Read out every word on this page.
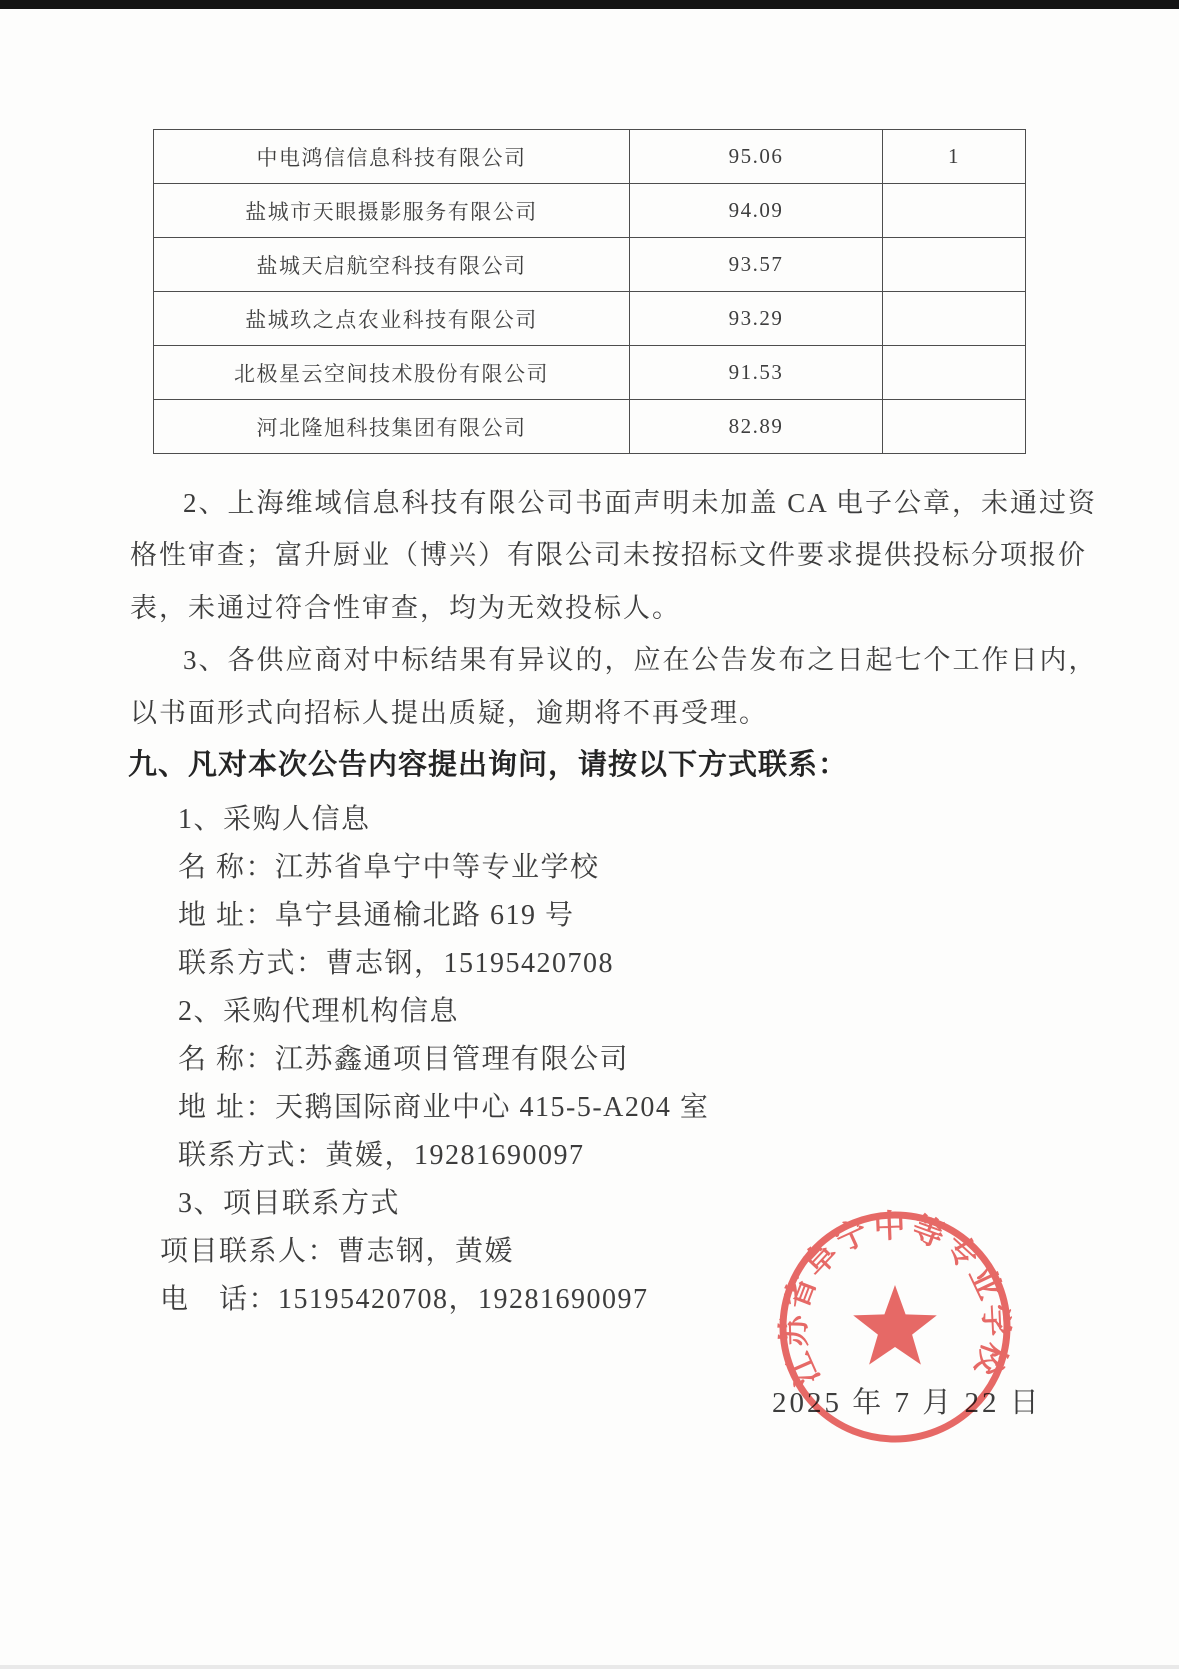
中电鸿信信息科技有限公司	95.06	1
盐城市天眼摄影服务有限公司	94.09	
盐城天启航空科技有限公司	93.57	
盐城玖之点农业科技有限公司	93.29	
北极星云空间技术股份有限公司	91.53	
河北隆旭科技集团有限公司	82.89	
2、上海维域信息科技有限公司书面声明未加盖 CA 电子公章，未通过资
格性审查；富升厨业（博兴）有限公司未按招标文件要求提供投标分项报价
表，未通过符合性审查，均为无效投标人。
3、各供应商对中标结果有异议的，应在公告发布之日起七个工作日内，
以书面形式向招标人提出质疑，逾期将不再受理。
九、凡对本次公告内容提出询问，请按以下方式联系：
1、采购人信息
名 称：江苏省阜宁中等专业学校
地 址：阜宁县通榆北路 619 号
联系方式：曹志钢，15195420708
2、采购代理机构信息
名 称：江苏鑫通项目管理有限公司
地 址：天鹅国际商业中心 415-5-A204 室
联系方式：黄媛，19281690097
3、项目联系方式
项目联系人：曹志钢，黄媛
电　话：15195420708，19281690097
2025 年 7 月 22 日
江苏省阜宁中等专业学校
